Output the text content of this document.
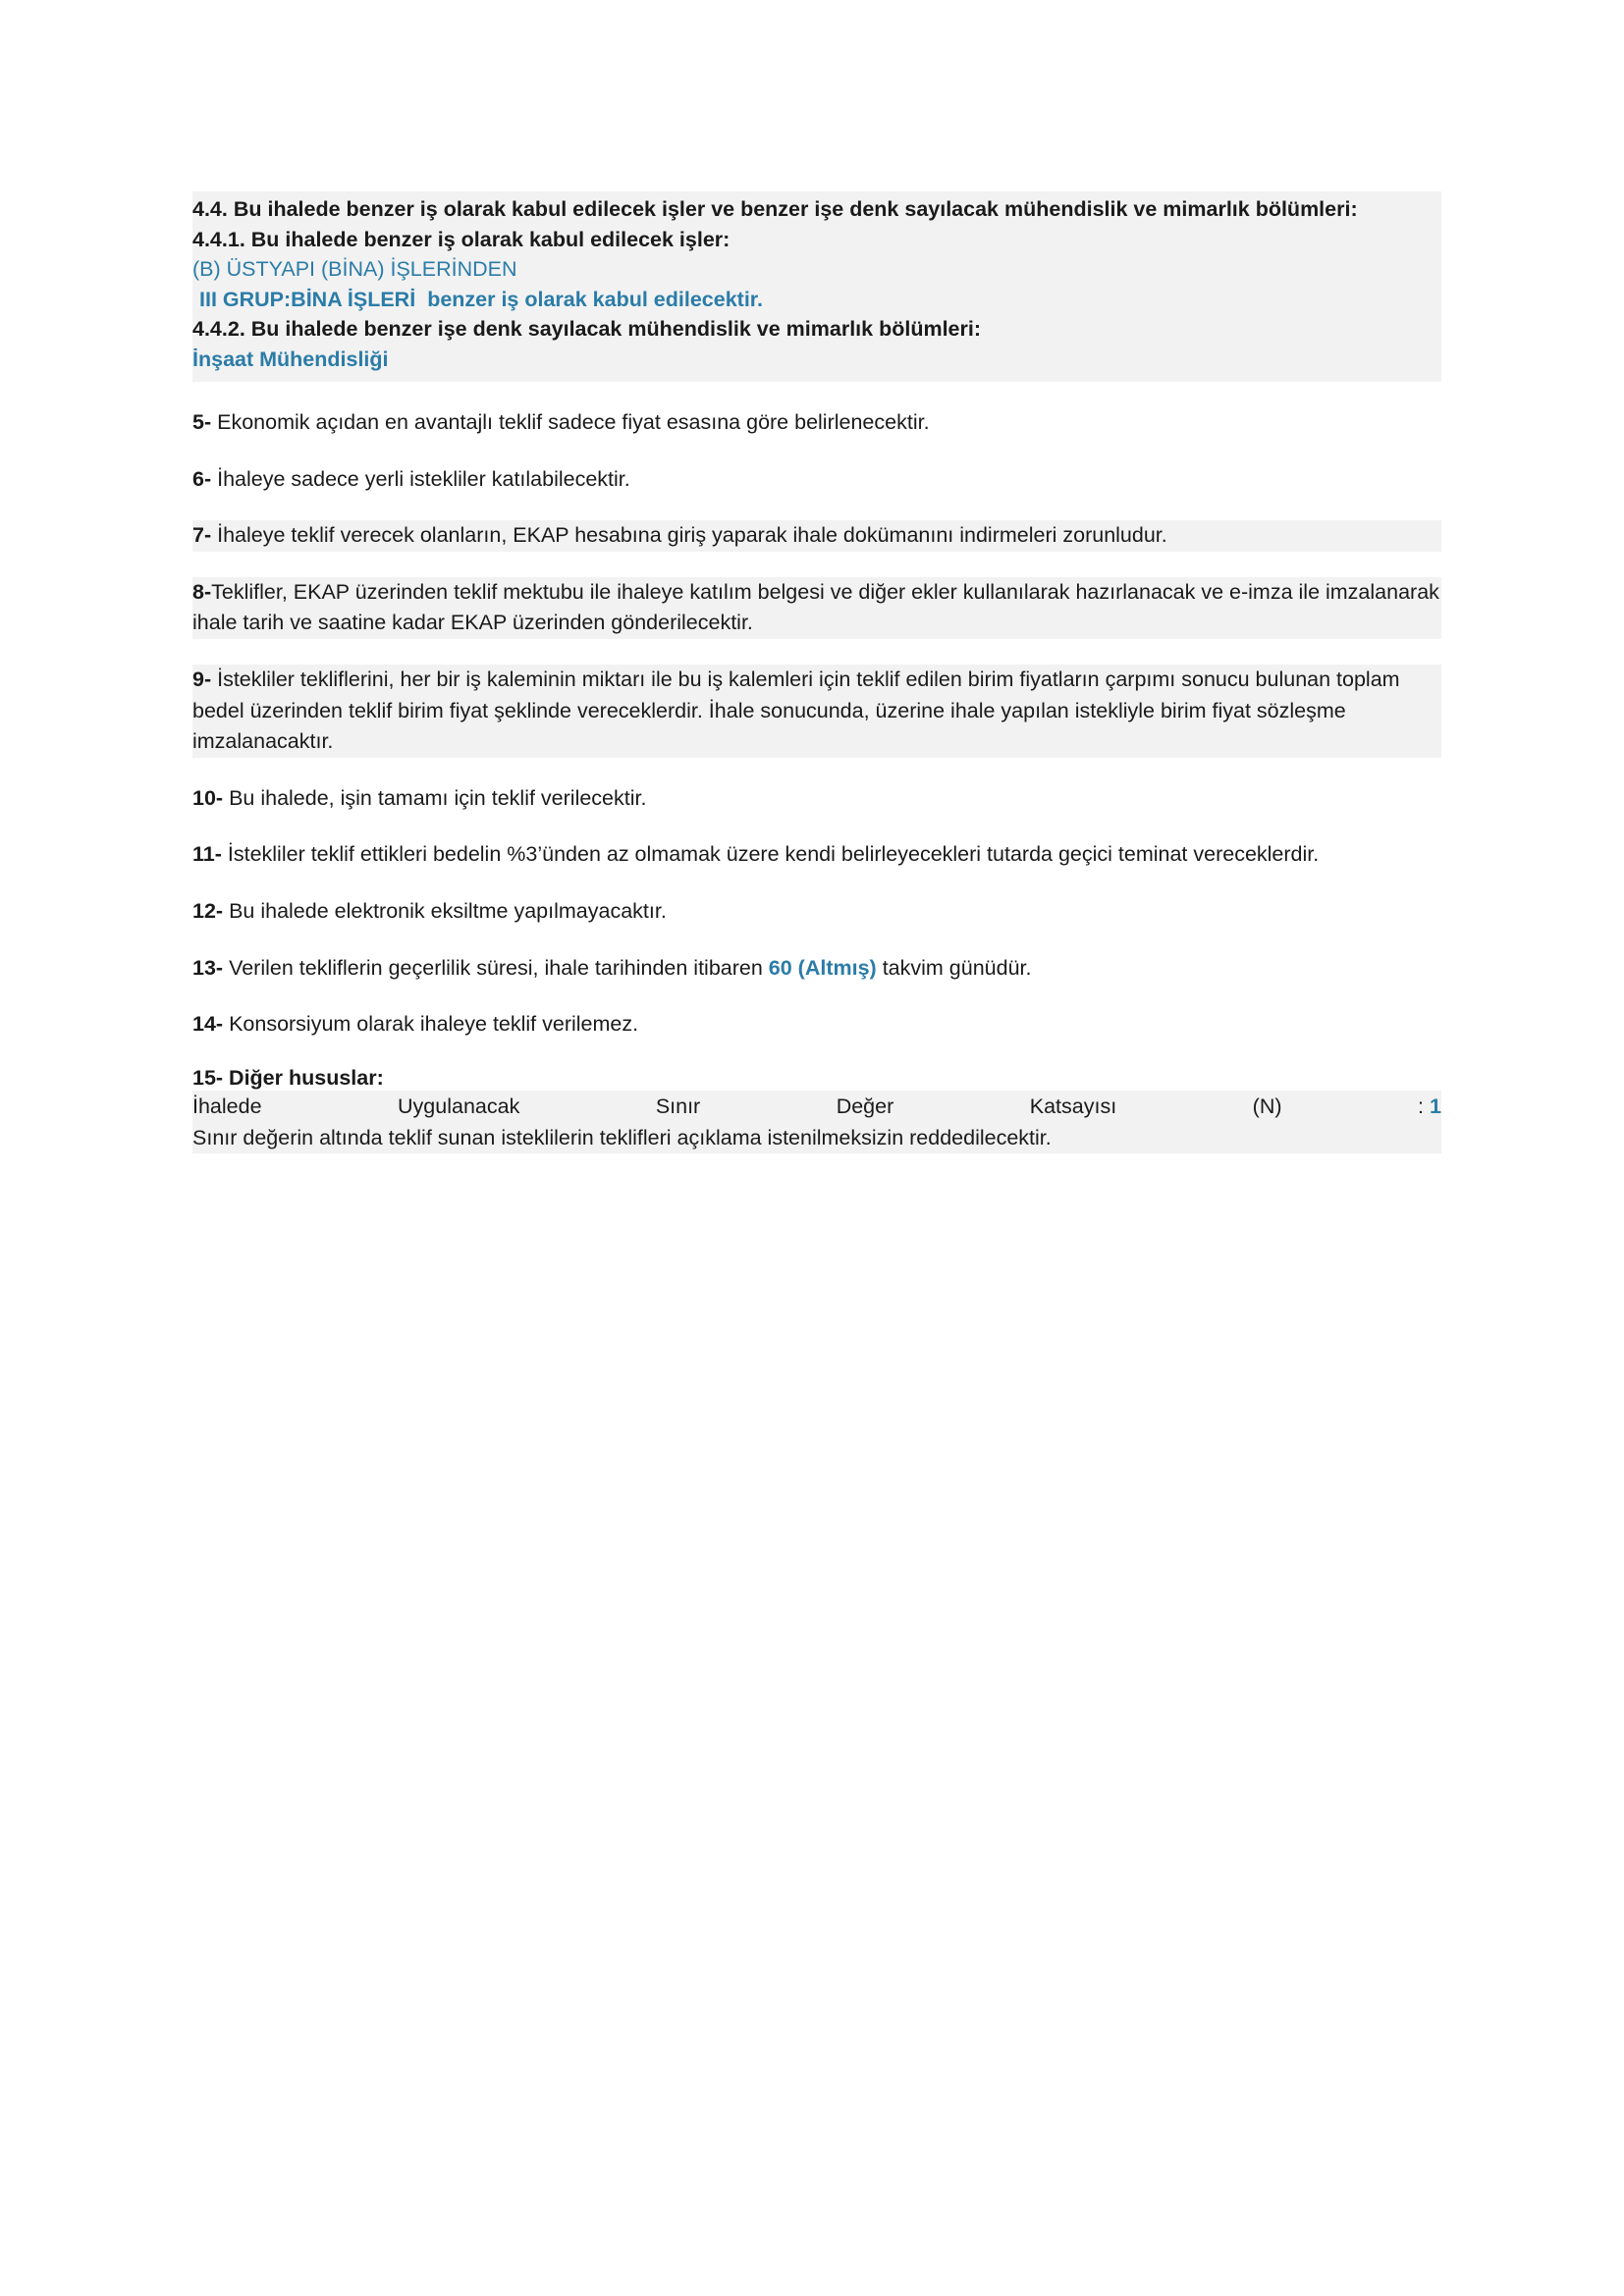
4.4. Bu ihalede benzer iş olarak kabul edilecek işler ve benzer işe denk sayılacak mühendislik ve mimarlık bölümleri:

4.4.1. Bu ihalede benzer iş olarak kabul edilecek işler:

(B) ÜSTYAPI (BİNA) İŞLERİNDEN

III GRUP:BİNA İŞLERİ benzer iş olarak kabul edilecektir.

4.4.2. Bu ihalede benzer işe denk sayılacak mühendislik ve mimarlık bölümleri:

İnşaat Mühendisliği

5- Ekonomik açıdan en avantajlı teklif sadece fiyat esasına göre belirlenecektir.

6- İhaleye sadece yerli istekliler katılabilecektir.

7- İhaleye teklif verecek olanların, EKAP hesabına giriş yaparak ihale dokümanını indirmeleri zorunludur.

8-Teklifler, EKAP üzerinden teklif mektubu ile ihaleye katılım belgesi ve diğer ekler kullanılarak hazırlanacak ve e-imza ile imzalanarak ihale tarih ve saatine kadar EKAP üzerinden gönderilecektir.

9- İstekliler tekliflerini, her bir iş kaleminin miktarı ile bu iş kalemleri için teklif edilen birim fiyatların çarpımı sonucu bulunan toplam bedel üzerinden teklif birim fiyat şeklinde vereceklerdir. İhale sonucunda, üzerine ihale yapılan istekliyle birim fiyat sözleşme imzalanacaktır.

10- Bu ihalede, işin tamamı için teklif verilecektir.

11- İstekliler teklif ettikleri bedelin %3’ünden az olmamak üzere kendi belirleyecekleri tutarda geçici teminat vereceklerdir.

12- Bu ihalede elektronik eksiltme yapılmayacaktır.

13- Verilen tekliflerin geçerlilik süresi, ihale tarihinden itibaren 60 (Altmış) takvim günüdür.

14- Konsorsiyum olarak ihaleye teklif verilemez.

15- Diğer hususlar:

İhalede	Uygulanacak	Sınır	Değer	Katsayısı	(N)	: 1

Sınır değerin altında teklif sunan isteklilerin teklifleri açıklama istenilmeksizin reddedilecektir.
